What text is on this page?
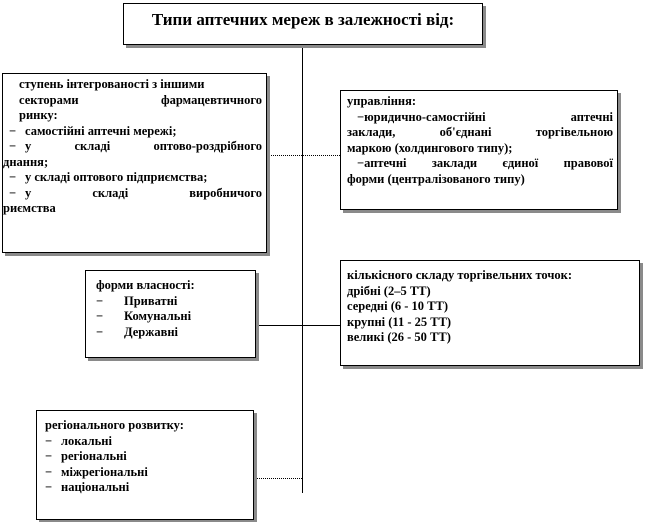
Типи аптечних мереж в залежності від:
ступень інтегрованості з іншими
секторами фармацевтичного
ринку:
− самостійні аптечні мережі;
− у складі оптово-роздрібного
днання;
− у складі оптового підприємства;
− у складі виробничого
риємства
управління:
−юридично-самостійні аптечні
заклади, об'єднані торгівельною
маркою (холдингового типу);
−аптечні заклади єдиної правової
форми (централізованого типу)
форми власності:
− Приватні
− Комунальні
− Державні
кількісного складу торгівельних точок:
дрібні (2–5 ТТ)
середні (6 - 10 ТТ)
крупні (11 - 25 ТТ)
великі (26 - 50 ТТ)
регіонального розвитку:
− локальні
− регіональні
− міжрегіональні
− національні
